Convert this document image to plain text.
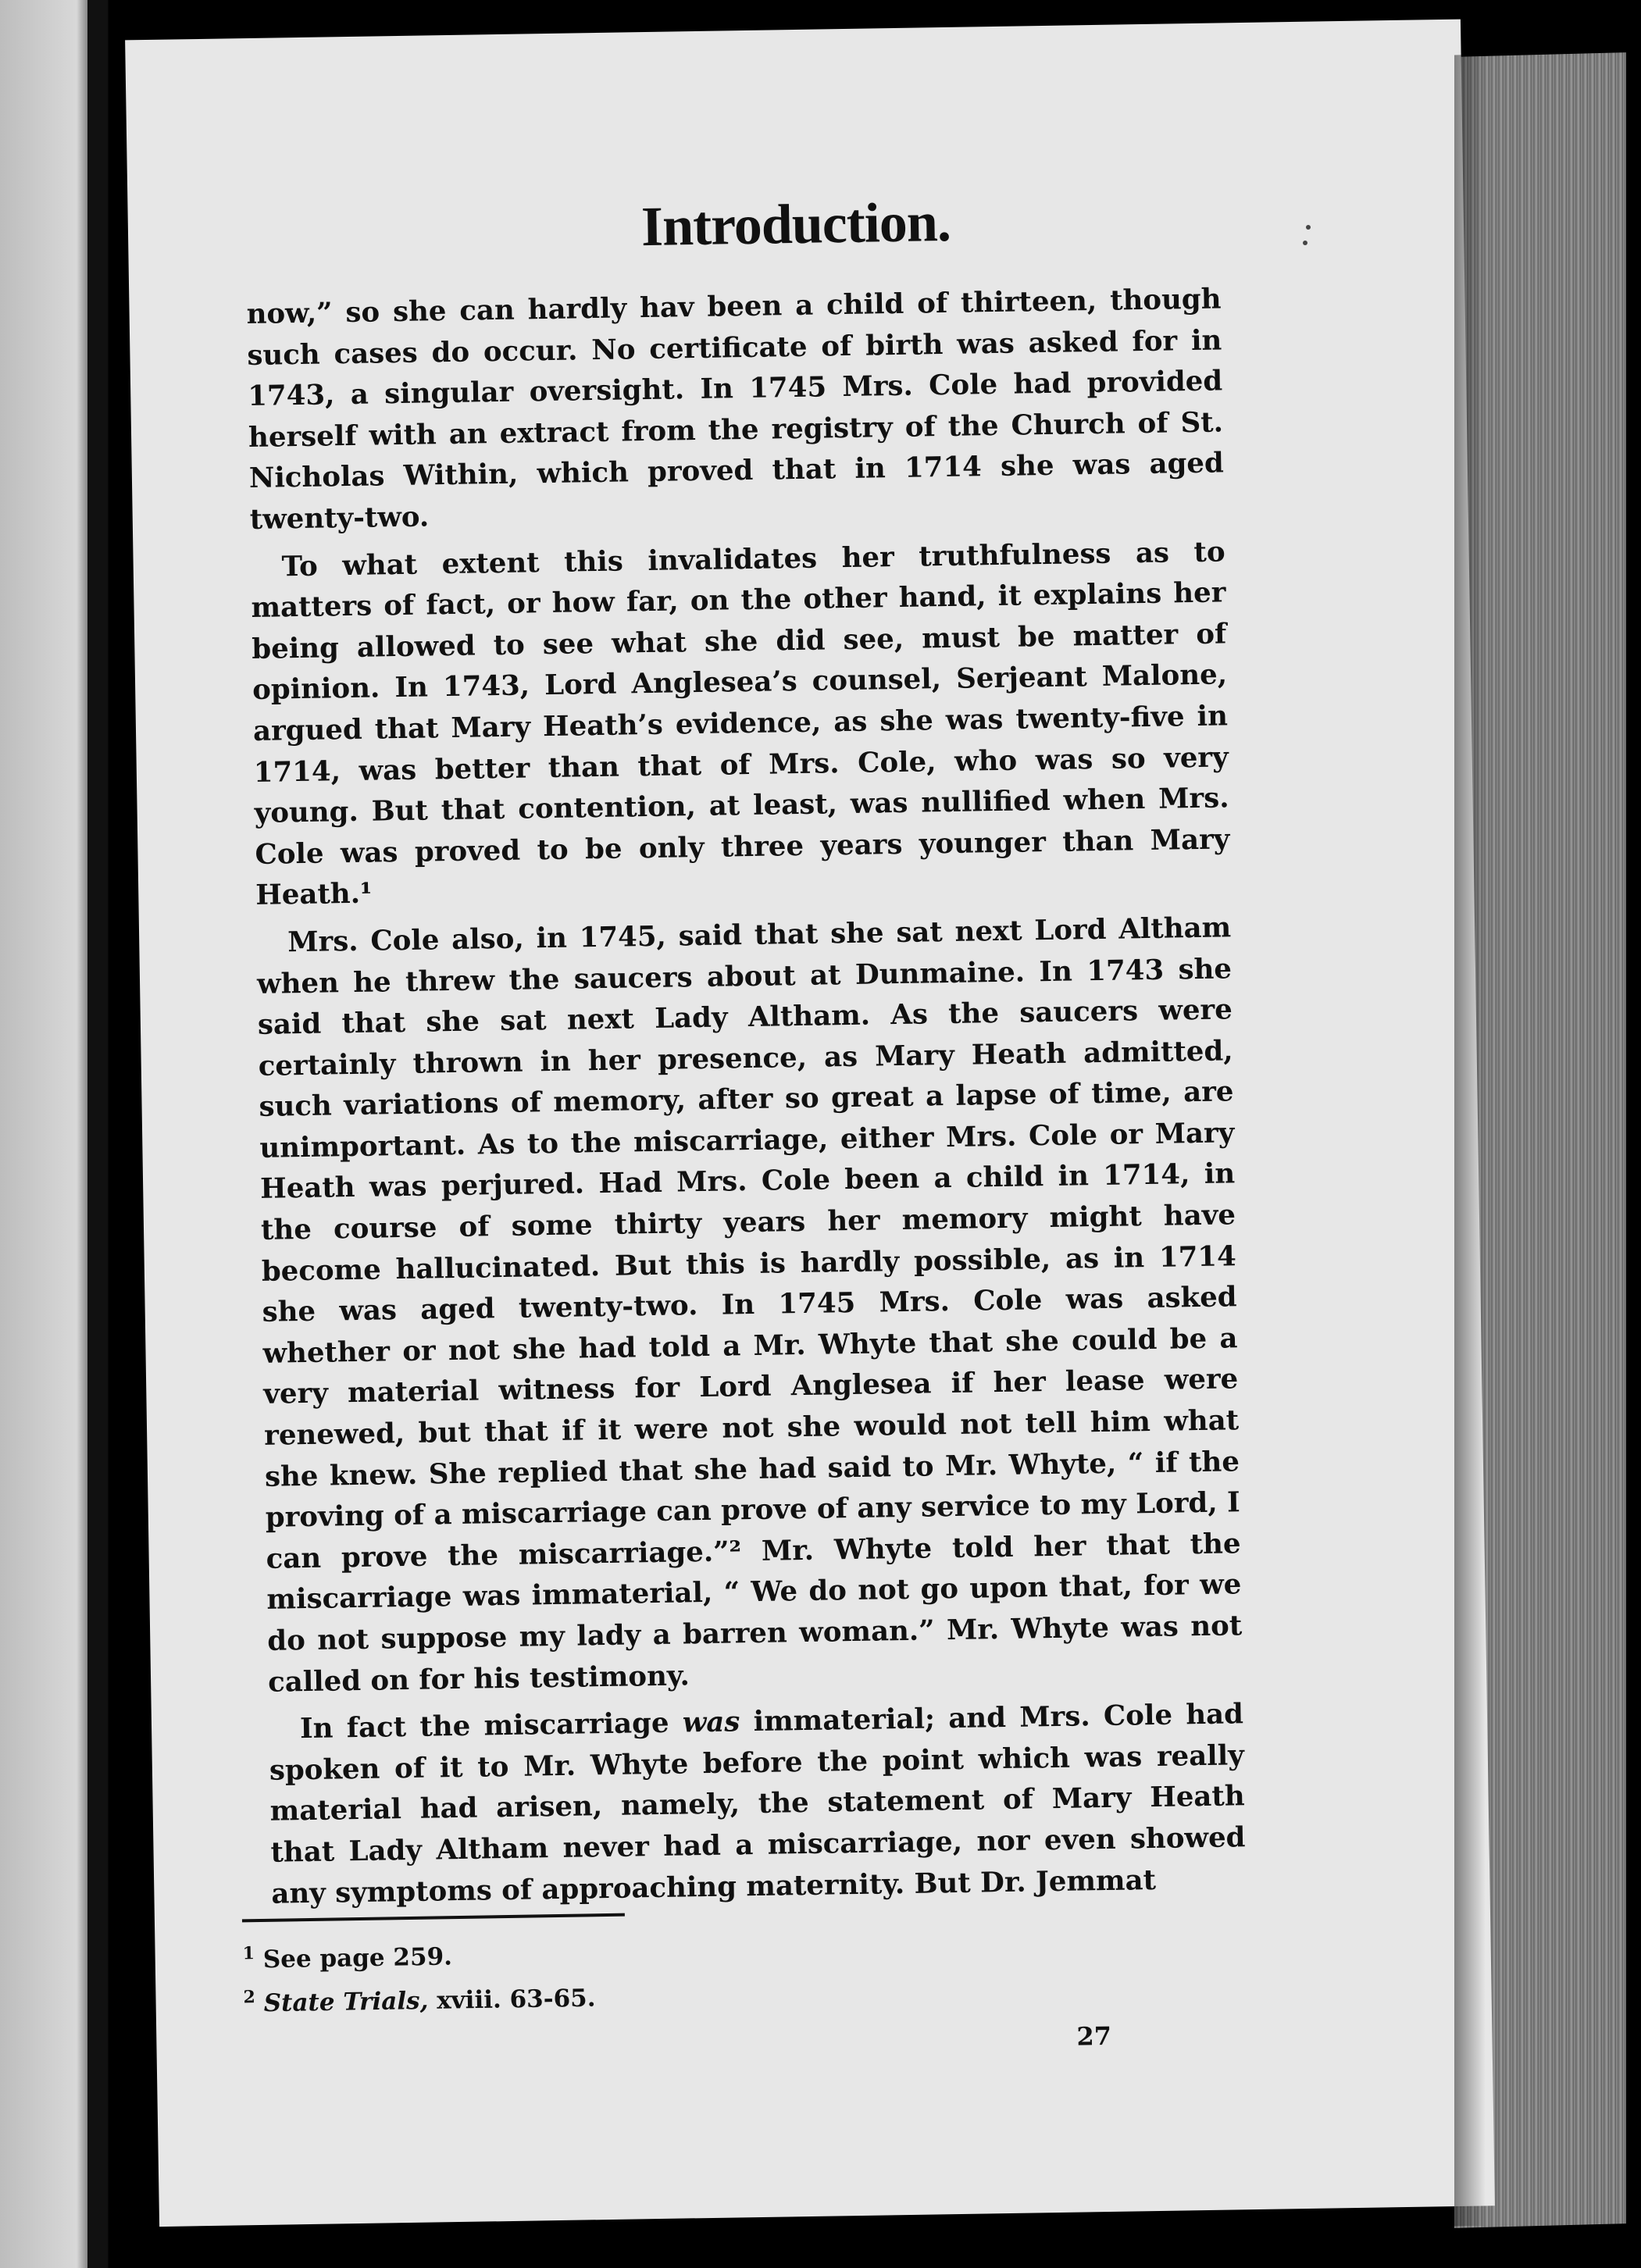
Introduction.

now,” so she can hardly hav been a child of thirteen, though such cases do occur. No certificate of birth was asked for in 1743, a singular oversight. In 1745 Mrs. Cole had provided herself with an extract from the registry of the Church of St. Nicholas Within, which proved that in 1714 she was aged twenty-two.

To what extent this invalidates her truthfulness as to matters of fact, or how far, on the other hand, it explains her being allowed to see what she did see, must be matter of opinion. In 1743, Lord Anglesea’s counsel, Serjeant Malone, argued that Mary Heath’s evidence, as she was twenty-five in 1714, was better than that of Mrs. Cole, who was so very young. But that contention, at least, was nullified when Mrs. Cole was proved to be only three years younger than Mary Heath.¹

Mrs. Cole also, in 1745, said that she sat next Lord Altham when he threw the saucers about at Dunmaine. In 1743 she said that she sat next Lady Altham. As the saucers were certainly thrown in her presence, as Mary Heath admitted, such variations of memory, after so great a lapse of time, are unimportant. As to the miscarriage, either Mrs. Cole or Mary Heath was perjured. Had Mrs. Cole been a child in 1714, in the course of some thirty years her memory might have become hallucinated. But this is hardly possible, as in 1714 she was aged twenty-two. In 1745 Mrs. Cole was asked whether or not she had told a Mr. Whyte that she could be a very material witness for Lord Anglesea if her lease were renewed, but that if it were not she would not tell him what she knew. She replied that she had said to Mr. Whyte, “ if the proving of a miscarriage can prove of any service to my Lord, I can prove the miscarriage.”² Mr. Whyte told her that the miscarriage was immaterial, “ We do not go upon that, for we do not suppose my lady a barren woman.” Mr. Whyte was not called on for his testimony.

In fact the miscarriage was immaterial; and Mrs. Cole had spoken of it to Mr. Whyte before the point which was really material had arisen, namely, the statement of Mary Heath that Lady Altham never had a miscarriage, nor even showed any symptoms of approaching maternity. But Dr. Jemmat

$^1$ See page 259.
$^2$ State Trials, xviii. 63-65.
27
